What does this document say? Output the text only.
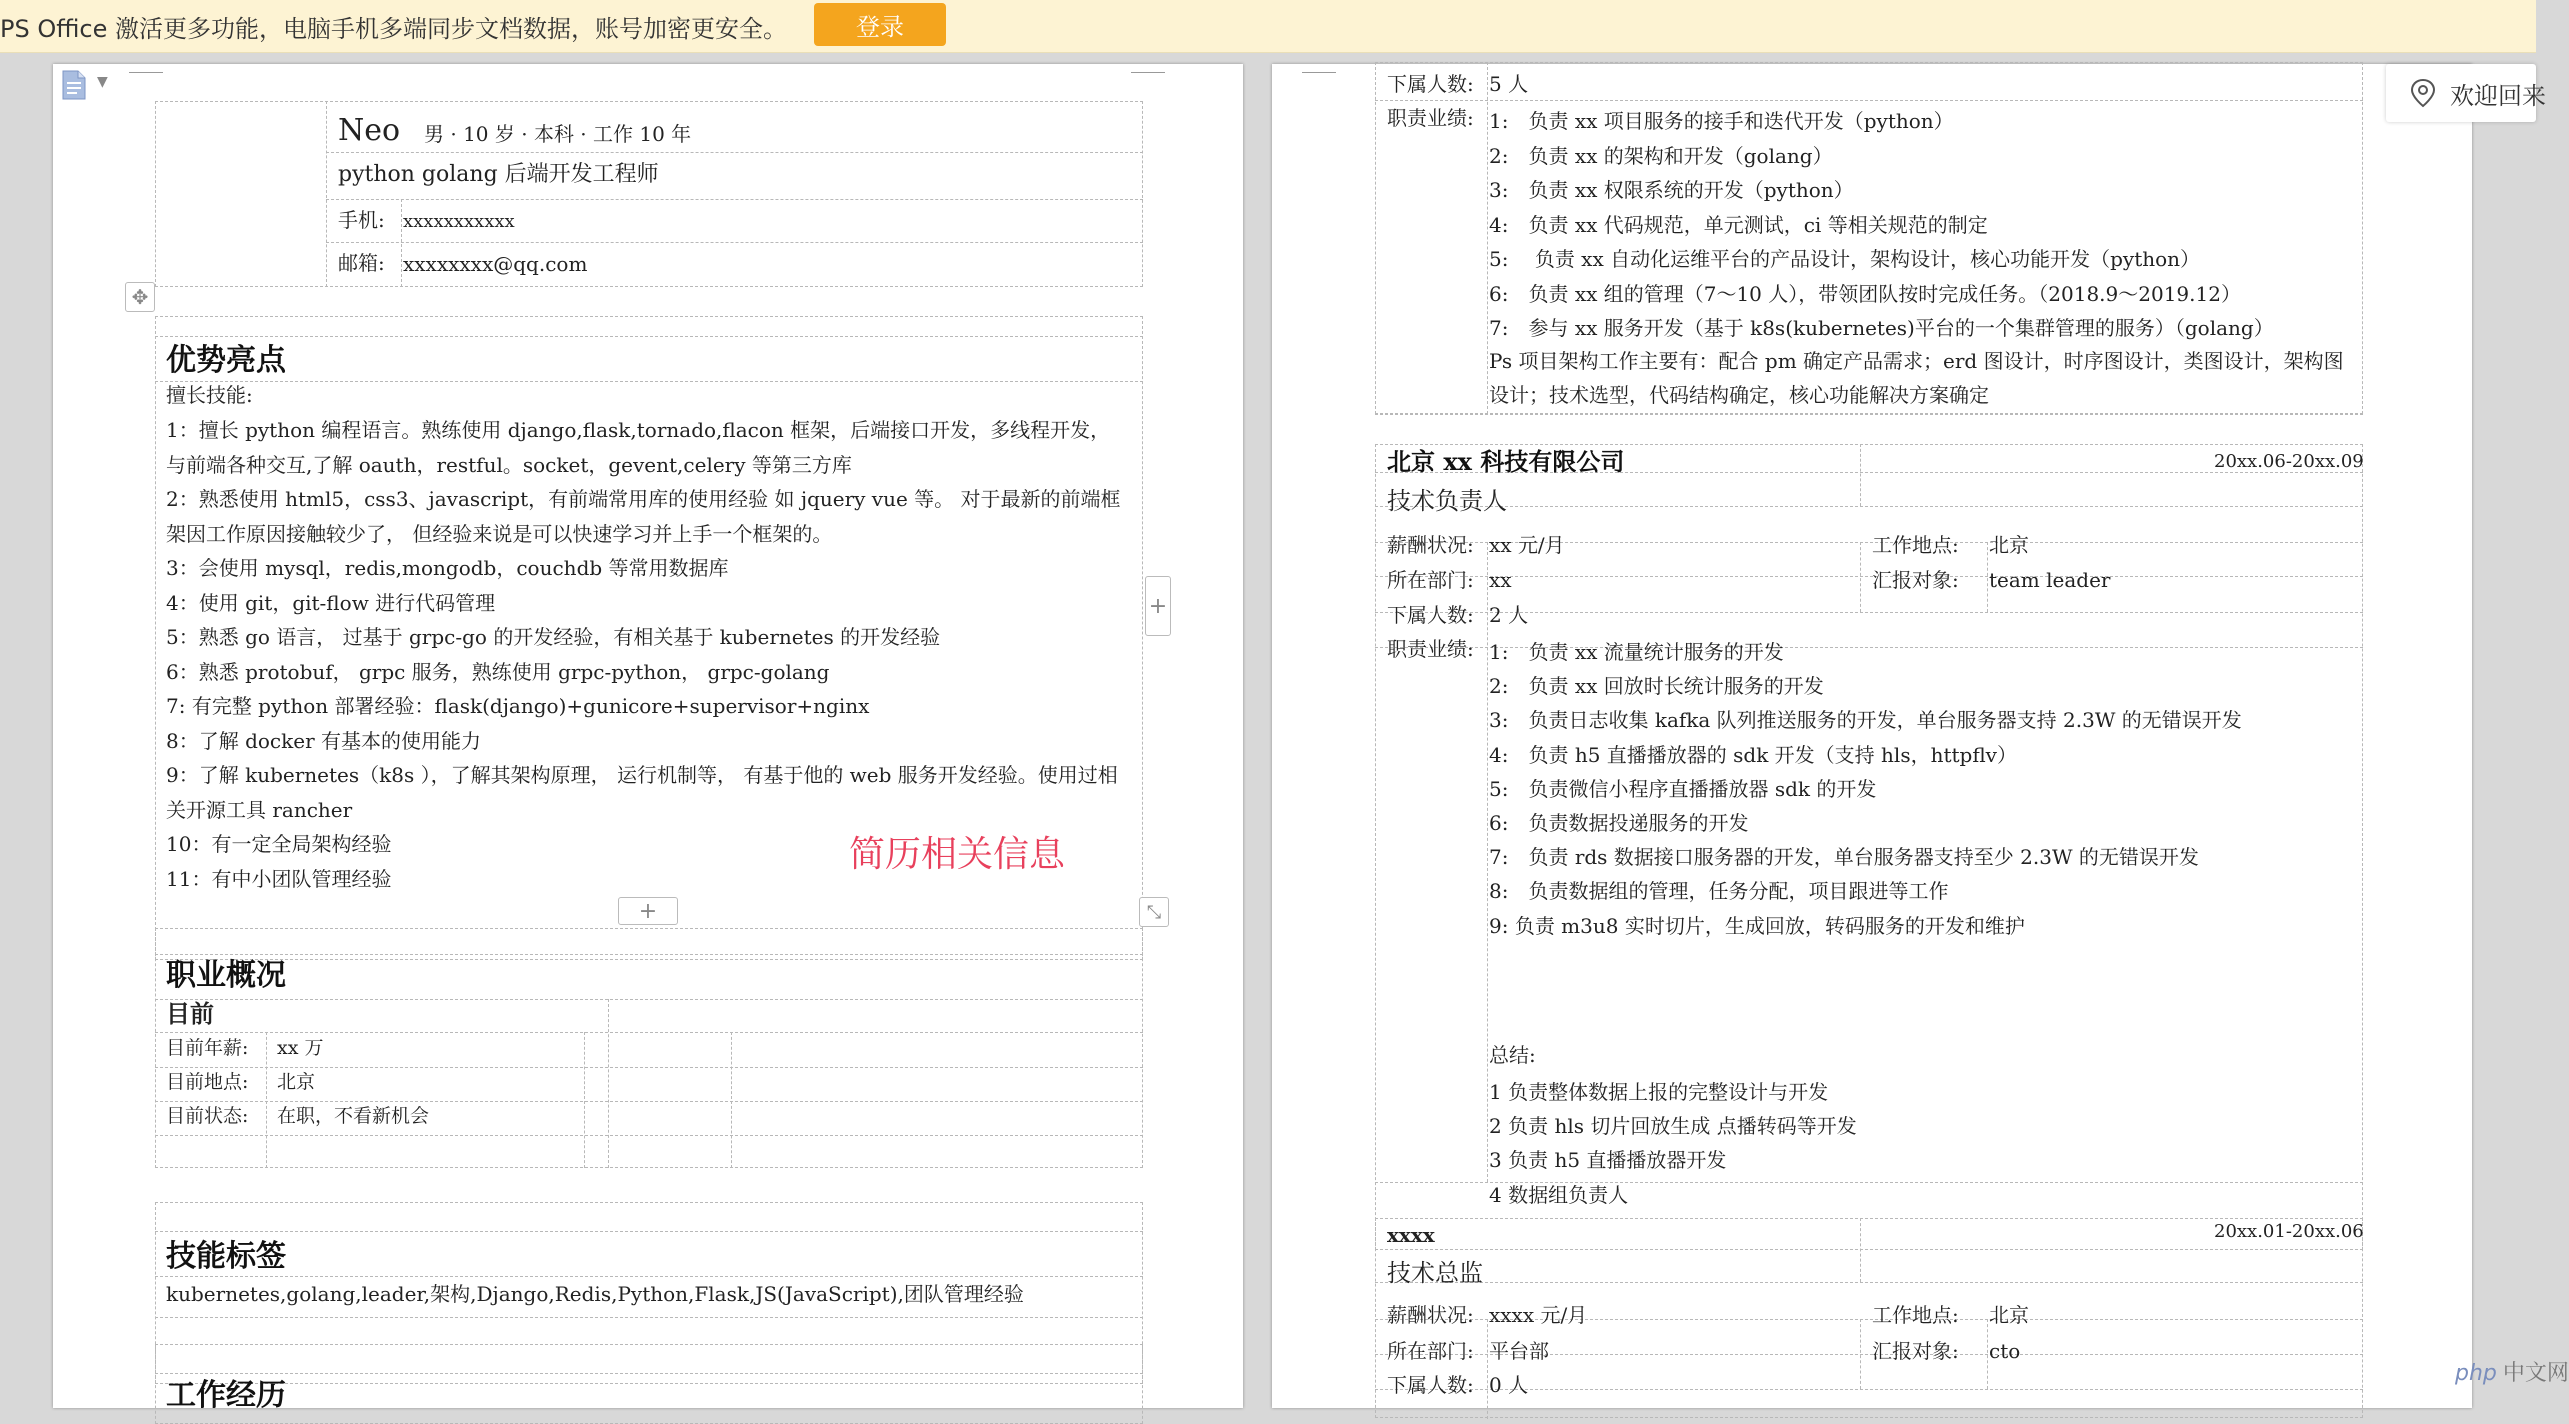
PS Office 激活更多功能，电脑手机多端同步文档数据，账号加密更安全。	登录
▼
Neo 男 · 10 岁 · 本科 · 工作 10 年
python golang 后端开发工程师
手机: xxxxxxxxxxx
邮箱: xxxxxxxx@qq.com
✥
优势亮点
擅长技能:
1：擅长 python 编程语言。熟练使用 django,flask,tornado,flacon 框架，后端接口开发，多线程开发，与前端各种交互,了解 oauth，restful。socket，gevent,celery 等第三方库
2：熟悉使用 html5，css3、javascript，有前端常用库的使用经验 如 jquery vue 等。 对于最新的前端框架因工作原因接触较少了， 但经验来说是可以快速学习并上手一个框架的。
3：会使用 mysql，redis,mongodb，couchdb 等常用数据库
4：使用 git，git-flow 进行代码管理
5：熟悉 go 语言， 过基于 grpc-go 的开发经验，有相关基于 kubernetes 的开发经验
6：熟悉 protobuf， grpc 服务，熟练使用 grpc-python， grpc-golang
7: 有完整 python 部署经验：flask(django)+gunicore+supervisor+nginx
8：了解 docker 有基本的使用能力
9：了解 kubernetes（k8s ），了解其架构原理， 运行机制等， 有基于他的 web 服务开发经验。使用过相关开源工具 rancher
10：有一定全局架构经验
11：有中小团队管理经验
简历相关信息
+
+	⤡
职业概况
目前
目前年薪: xx 万
目前地点: 北京
目前状态: 在职，不看新机会
技能标签
kubernetes,golang,leader,架构,Django,Redis,Python,Flask,JS(JavaScript),团队管理经验
工作经历
下属人数: 5 人
职责业绩: 1:　负责 xx 项目服务的接手和迭代开发（python）
2:　负责 xx 的架构和开发（golang）
3:　负责 xx 权限系统的开发（python）
4:　负责 xx 代码规范，单元测试，ci 等相关规范的制定
5:　 负责 xx 自动化运维平台的产品设计，架构设计，核心功能开发（python）
6:　负责 xx 组的管理（7～10 人），带领团队按时完成任务。（2018.9～2019.12）
7:　参与 xx 服务开发（基于 k8s(kubernetes)平台的一个集群管理的服务）（golang）
Ps 项目架构工作主要有：配合 pm 确定产品需求；erd 图设计，时序图设计，类图设计，架构图设计；技术选型，代码结构确定，核心功能解决方案确定
北京 xx 科技有限公司	20xx.06-20xx.09
技术负责人
薪酬状况: xx 元/月	工作地点: 北京
所在部门: xx	汇报对象: team leader
下属人数: 2 人
职责业绩: 1:　负责 xx 流量统计服务的开发
2:　负责 xx 回放时长统计服务的开发
3:　负责日志收集 kafka 队列推送服务的开发，单台服务器支持 2.3W 的无错误开发
4:　负责 h5 直播播放器的 sdk 开发（支持 hls，httpflv）
5:　负责微信小程序直播播放器 sdk 的开发
6:　负责数据投递服务的开发
7:　负责 rds 数据接口服务器的开发，单台服务器支持至少 2.3W 的无错误开发
8:　负责数据组的管理，任务分配，项目跟进等工作
9: 负责 m3u8 实时切片，生成回放，转码服务的开发和维护
总结:
1 负责整体数据上报的完整设计与开发
2 负责 hls 切片回放生成 点播转码等开发
3 负责 h5 直播播放器开发
4 数据组负责人
xxxx	20xx.01-20xx.06
技术总监
薪酬状况: xxxx 元/月	工作地点: 北京
所在部门: 平台部	汇报对象: cto
下属人数: 0 人
欢迎回来
php 中文网
